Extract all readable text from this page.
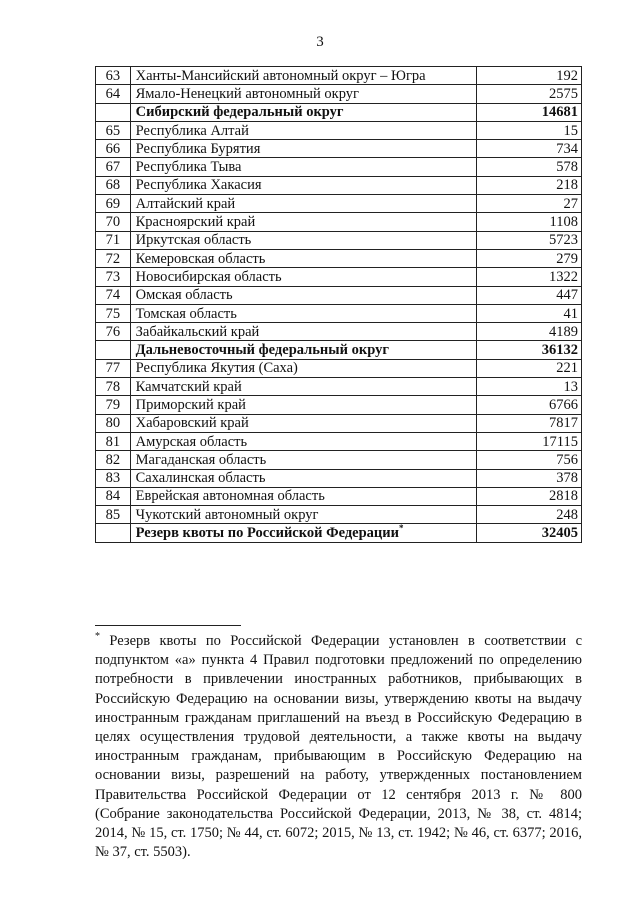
3
63	Ханты-Мансийский автономный округ – Югра	192
64	Ямало-Ненецкий автономный округ	2575
	Сибирский федеральный округ	14681
65	Республика Алтай	15
66	Республика Бурятия	734
67	Республика Тыва	578
68	Республика Хакасия	218
69	Алтайский край	27
70	Красноярский край	1108
71	Иркутская область	5723
72	Кемеровская область	279
73	Новосибирская область	1322
74	Омская область	447
75	Томская область	41
76	Забайкальский край	4189
	Дальневосточный федеральный округ	36132
77	Республика Якутия (Саха)	221
78	Камчатский край	13
79	Приморский край	6766
80	Хабаровский край	7817
81	Амурская область	17115
82	Магаданская область	756
83	Сахалинская область	378
84	Еврейская автономная область	2818
85	Чукотский автономный округ	248
	Резерв квоты по Российской Федерации*	32405
* Резерв квоты по Российской Федерации установлен в соответствии с подпунктом «а» пункта 4 Правил подготовки предложений по определению потребности в привлечении иностранных работников, прибывающих в Российскую Федерацию на основании визы, утверждению квоты на выдачу иностранным гражданам приглашений на въезд в Российскую Федерацию в целях осуществления трудовой деятельности, а также квоты на выдачу иностранным гражданам, прибывающим в Российскую Федерацию на основании визы, разрешений на работу, утвержденных постановлением Правительства Российской Федерации от 12 сентября 2013 г. № 800 (Собрание законодательства Российской Федерации, 2013, № 38, ст. 4814; 2014, № 15, ст. 1750; № 44, ст. 6072; 2015, № 13, ст. 1942; № 46, ст. 6377; 2016, № 37, ст. 5503).
